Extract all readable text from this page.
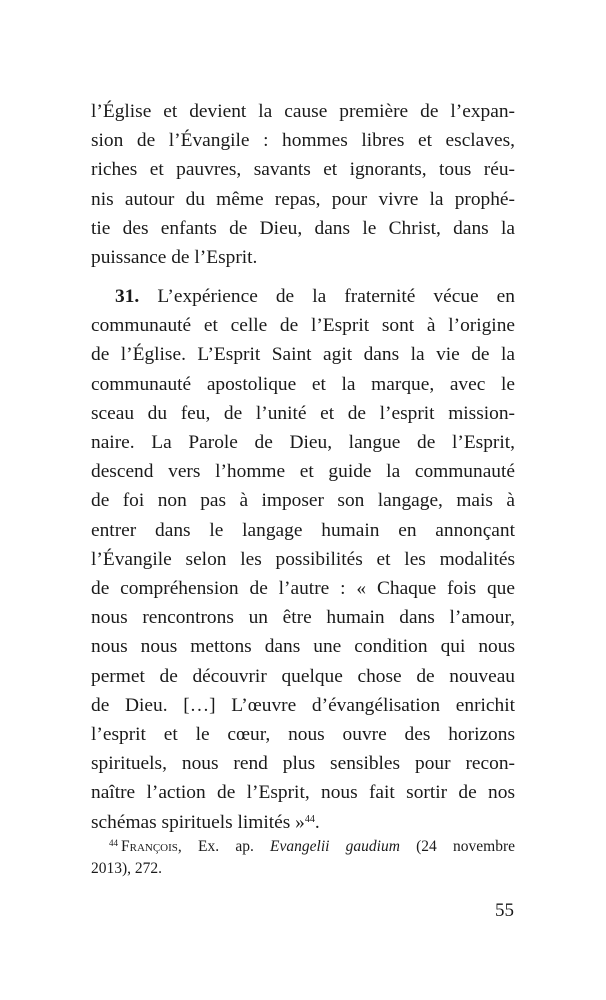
l’Église et devient la cause première de l’expan-
sion de l’Évangile : hommes libres et esclaves,
riches et pauvres, savants et ignorants, tous réu-
nis autour du même repas, pour vivre la prophé-
tie des enfants de Dieu, dans le Christ, dans la
puissance de l’Esprit.
31. L’expérience de la fraternité vécue en
communauté et celle de l’Esprit sont à l’origine
de l’Église. L’Esprit Saint agit dans la vie de la
communauté apostolique et la marque, avec le
sceau du feu, de l’unité et de l’esprit mission-
naire. La Parole de Dieu, langue de l’Esprit,
descend vers l’homme et guide la communauté
de foi non pas à imposer son langage, mais à
entrer dans le langage humain en annonçant
l’Évangile selon les possibilités et les modalités
de compréhension de l’autre : « Chaque fois que
nous rencontrons un être humain dans l’amour,
nous nous mettons dans une condition qui nous
permet de découvrir quelque chose de nouveau
de Dieu. […] L’œuvre d’évangélisation enrichit
l’esprit et le cœur, nous ouvre des horizons
spirituels, nous rend plus sensibles pour recon-
naître l’action de l’Esprit, nous fait sortir de nos
schémas spirituels limités »$^{44}$.
$^{44}$ François, Ex. ap. Evangelii gaudium (24 novembre
2013), 272.
55
